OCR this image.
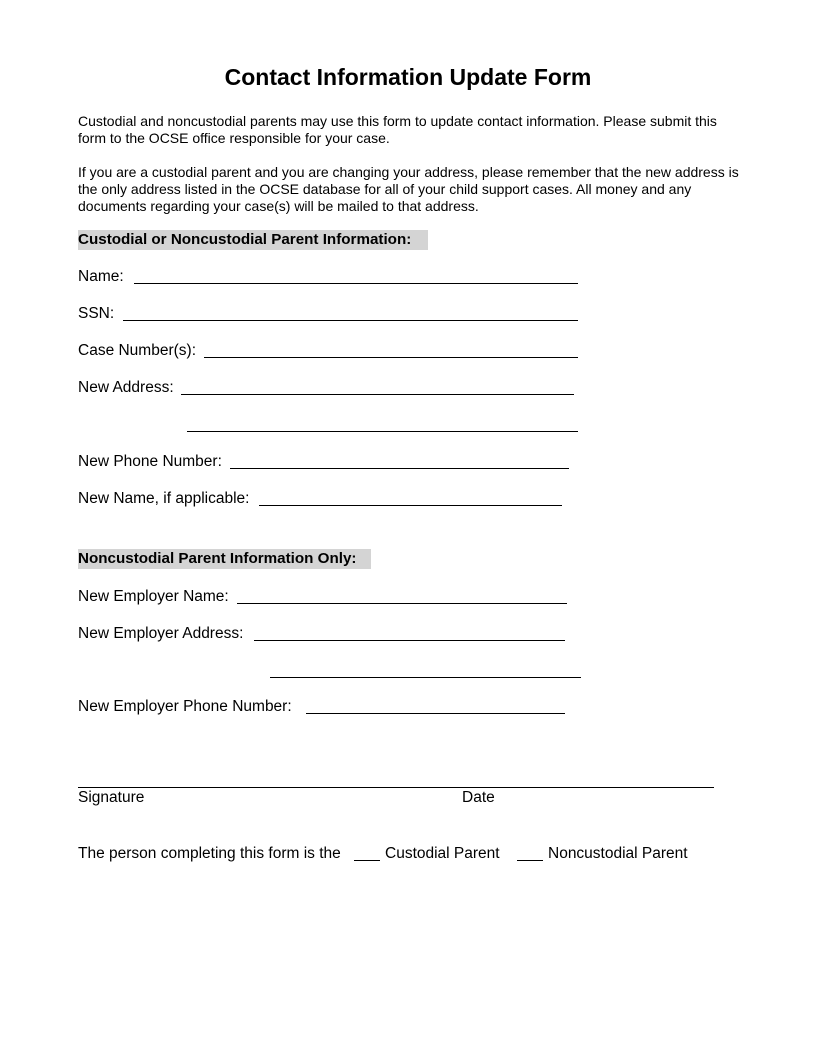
Contact Information Update Form
Custodial and noncustodial parents may use this form to update contact information. Please submit this form to the OCSE office responsible for your case.
If you are a custodial parent and you are changing your address, please remember that the new address is the only address listed in the OCSE database for all of your child support cases. All money and any documents regarding your case(s) will be mailed to that address.
Custodial or Noncustodial Parent Information:
Name:
SSN:
Case Number(s):
New Address:
New Phone Number:
New Name, if applicable:
Noncustodial Parent Information Only:
New Employer Name:
New Employer Address:
New Employer Phone Number:
Signature	Date
The person completing this form is the	Custodial Parent	Noncustodial Parent
